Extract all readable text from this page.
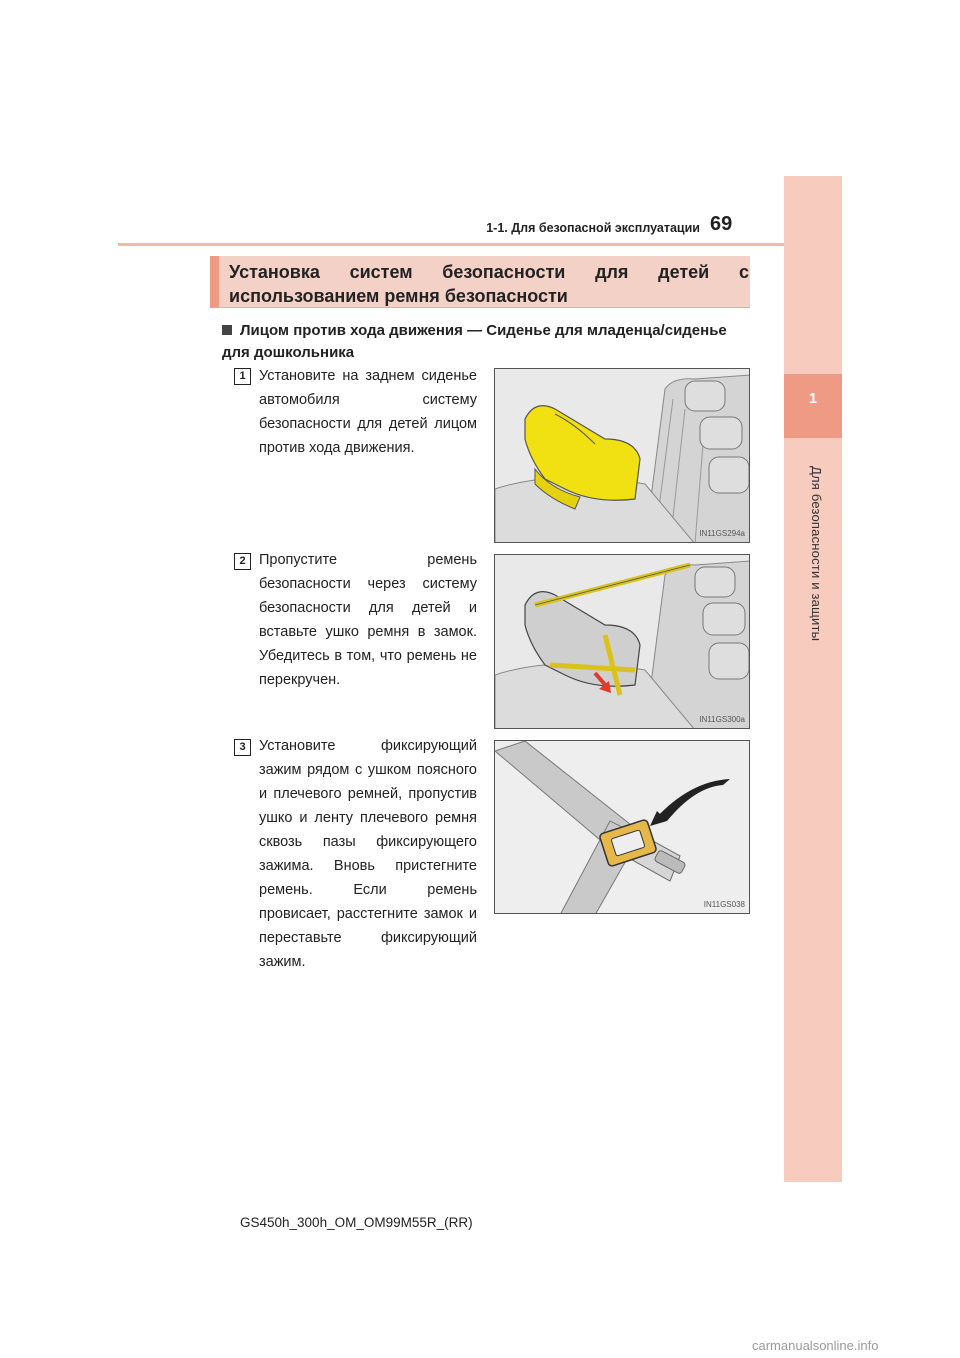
1
Для безопасности и защиты
1-1. Для безопасной эксплуатации 69
Установка систем безопасности для детей с использованием ремня безопасности
Лицом против хода движения — Сиденье для младенца/сиденье для дошкольника
1 Установите на заднем сиденье автомобиля систему безопасности для детей лицом против хода движения.
IN11GS294a
2 Пропустите ремень безопасности через систему безопасности для детей и вставьте ушко ремня в замок. Убедитесь в том, что ремень не перекручен.
IN11GS300a
3 Установите фиксирующий зажим рядом с ушком поясного и плечевого ремней, пропустив ушко и ленту плечевого ремня сквозь пазы фиксирующего зажима. Вновь пристегните ремень. Если ремень провисает, расстегните замок и переставьте фиксирующий зажим.
IN11GS038
GS450h_300h_OM_OM99M55R_(RR)
carmanualsonline.info
